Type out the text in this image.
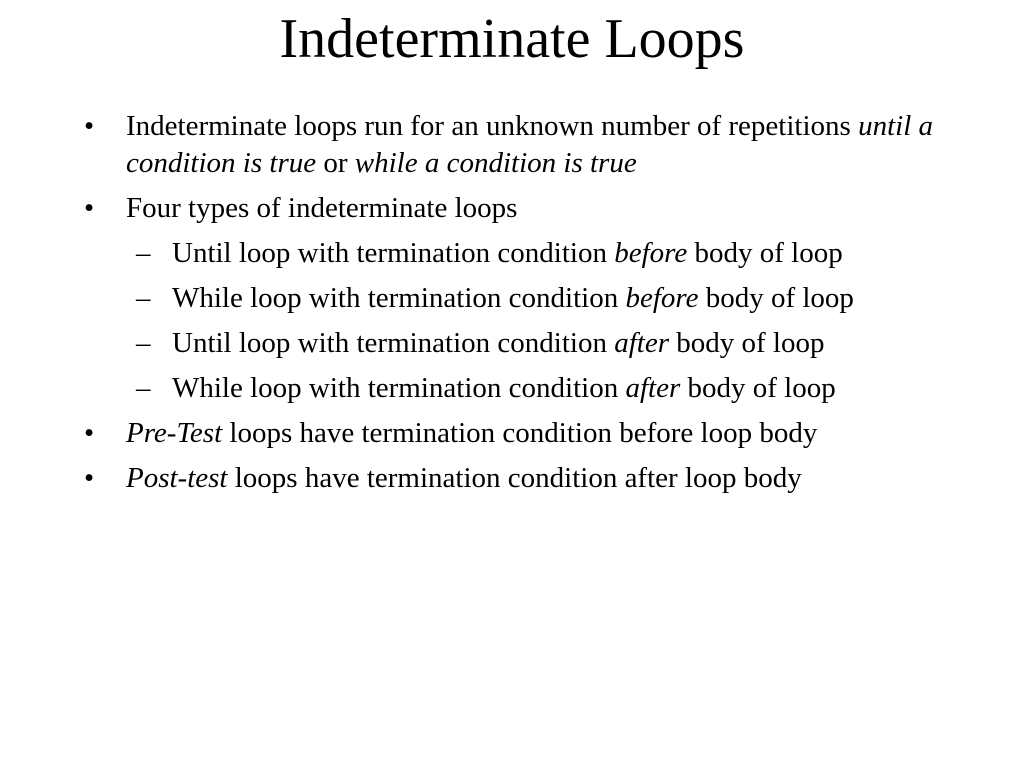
Indeterminate Loops
•	Indeterminate loops run for an unknown number of repetitions until a condition is true or while a condition is true
•	Four types of indeterminate loops
– Until loop with termination condition before body of loop
– While loop with termination condition before body of loop
– Until loop with termination condition after body of loop
– While loop with termination condition after body of loop
•	Pre-Test loops have termination condition before loop body
•	Post-test loops have termination condition after loop body
